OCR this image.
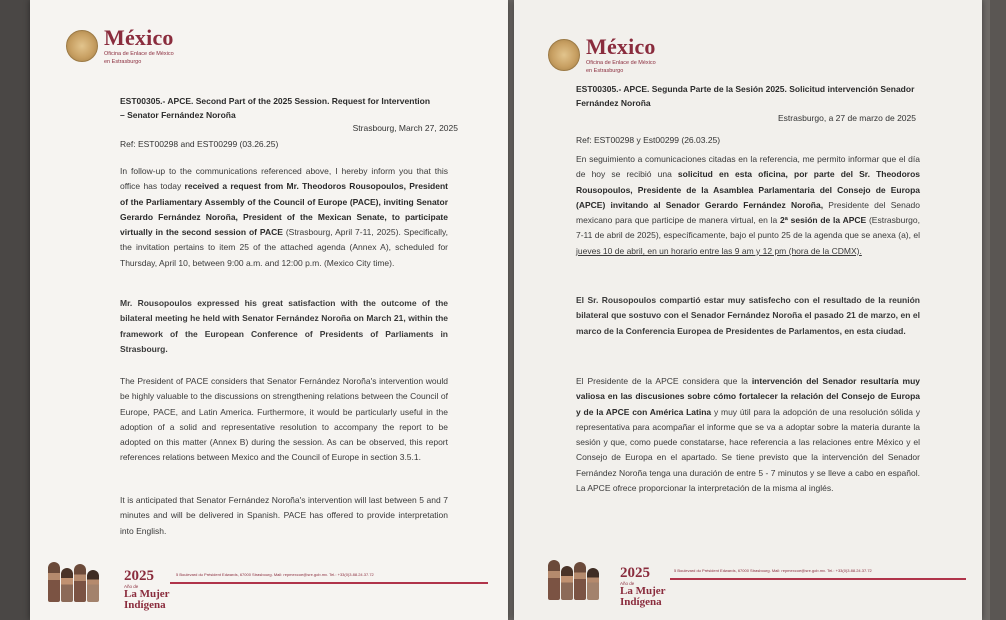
México
Oficina de Enlace de México
en Estrasburgo
EST00305.- APCE. Second Part of the 2025 Session. Request for Intervention
– Senator Fernández Noroña
Strasbourg, March 27, 2025
Ref: EST00298 and EST00299 (03.26.25)

In follow-up to the communications referenced above, I hereby inform you that this office has today received a request from Mr. Theodoros Rousopoulos, President of the Parliamentary Assembly of the Council of Europe (PACE), inviting Senator Gerardo Fernández Noroña, President of the Mexican Senate, to participate virtually in the second session of PACE (Strasbourg, April 7-11, 2025). Specifically, the invitation pertains to item 25 of the attached agenda (Annex A), scheduled for Thursday, April 10, between 9:00 a.m. and 12:00 p.m. (Mexico City time).

Mr. Rousopoulos expressed his great satisfaction with the outcome of the bilateral meeting he held with Senator Fernández Noroña on March 21, within the framework of the European Conference of Presidents of Parliaments in Strasbourg.

The President of PACE considers that Senator Fernández Noroña's intervention would be highly valuable to the discussions on strengthening relations between the Council of Europe, PACE, and Latin America. Furthermore, it would be particularly useful in the adoption of a solid and representative resolution to accompany the report to be adopted on this matter (Annex B) during the session. As can be observed, this report references relations between Mexico and the Council of Europe in section 3.5.1.

It is anticipated that Senator Fernández Noroña's intervention will last between 5 and 7 minutes and will be delivered in Spanish. PACE has offered to provide interpretation into English.

2025
Año de
La Mujer
Indígena
5 Boulevard du Président Edwards, 67000 Strasbourg. Mail: repmexcoe@sre.gob.mx. Tel.: +33(0)3.88.24.37.72
México
Oficina de Enlace de México
en Estrasburgo
EST00305.- APCE. Segunda Parte de la Sesión 2025. Solicitud intervención Senador
Fernández Noroña
Estrasburgo, a 27 de marzo de 2025
Ref: EST00298 y Est00299 (26.03.25)

En seguimiento a comunicaciones citadas en la referencia, me permito informar que el día de hoy se recibió una solicitud en esta oficina, por parte del Sr. Theodoros Rousopoulos, Presidente de la Asamblea Parlamentaria del Consejo de Europa (APCE) invitando al Senador Gerardo Fernández Noroña, Presidente del Senado mexicano para que participe de manera virtual, en la 2ª sesión de la APCE (Estrasburgo, 7-11 de abril de 2025), específicamente, bajo el punto 25 de la agenda que se anexa (a), el jueves 10 de abril, en un horario entre las 9 am y 12 pm (hora de la CDMX).

El Sr. Rousopoulos compartió estar muy satisfecho con el resultado de la reunión bilateral que sostuvo con el Senador Fernández Noroña el pasado 21 de marzo, en el marco de la Conferencia Europea de Presidentes de Parlamentos, en esta ciudad.

El Presidente de la APCE considera que la intervención del Senador resultaría muy valiosa en las discusiones sobre cómo fortalecer la relación del Consejo de Europa y de la APCE con América Latina y muy útil para la adopción de una resolución sólida y representativa para acompañar el informe que se va a adoptar sobre la materia durante la sesión y que, como puede constatarse, hace referencia a las relaciones entre México y el Consejo de Europa en el apartado. Se tiene previsto que la intervención del Senador Fernández Noroña tenga una duración de entre 5 - 7 minutos y se lleve a cabo en español. La APCE ofrece proporcionar la interpretación de la misma al inglés.

2025
Año de
La Mujer
Indígena
5 Boulevard du Président Edwards, 67000 Strasbourg. Mail: repmexcoe@sre.gob.mx. Tel.: +33(0)3.88.24.37.72
